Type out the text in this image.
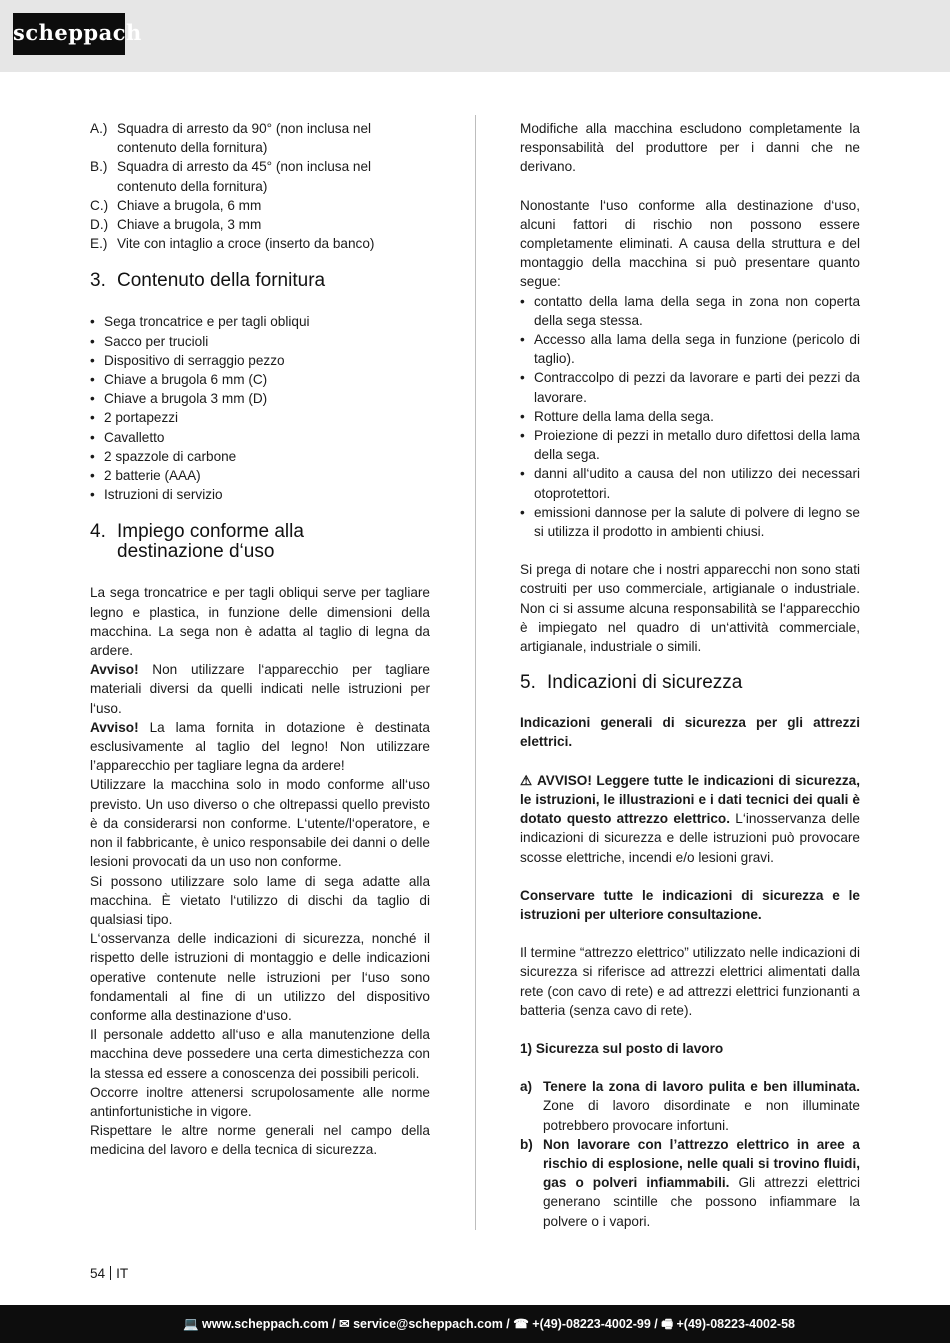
scheppach
A.) Squadra di arresto da 90° (non inclusa nel contenuto della fornitura)
B.) Squadra di arresto da 45° (non inclusa nel contenuto della fornitura)
C.) Chiave a brugola, 6 mm
D.) Chiave a brugola, 3 mm
E.) Vite con intaglio a croce (inserto da banco)
3. Contenuto della fornitura
• Sega troncatrice e per tagli obliqui
• Sacco per trucioli
• Dispositivo di serraggio pezzo
• Chiave a brugola 6 mm (C)
• Chiave a brugola 3 mm (D)
• 2 portapezzi
• Cavalletto
• 2 spazzole di carbone
• 2 batterie (AAA)
• Istruzioni di servizio
4. Impiego conforme alla
destinazione d‘uso

La sega troncatrice e per tagli obliqui serve per tagliare legno e plastica, in funzione delle dimensioni della macchina. La sega non è adatta al taglio di legna da ardere.

Avviso! Non utilizzare l‘apparecchio per tagliare materiali diversi da quelli indicati nelle istruzioni per l‘uso.

Avviso! La lama fornita in dotazione è destinata esclusivamente al taglio del legno! Non utilizzare l’apparecchio per tagliare legna da ardere!

Utilizzare la macchina solo in modo conforme all‘uso previsto. Un uso diverso o che oltrepassi quello previsto è da considerarsi non conforme. L‘utente/l‘operatore, e non il fabbricante, è unico responsabile dei danni o delle lesioni provocati da un uso non conforme.

Si possono utilizzare solo lame di sega adatte alla macchina. È vietato l‘utilizzo di dischi da taglio di qualsiasi tipo.

L‘osservanza delle indicazioni di sicurezza, nonché il rispetto delle istruzioni di montaggio e delle indicazioni operative contenute nelle istruzioni per l‘uso sono fondamentali al fine di un utilizzo del dispositivo conforme alla destinazione d‘uso.

Il personale addetto all‘uso e alla manutenzione della macchina deve possedere una certa dimestichezza con la stessa ed essere a conoscenza dei possibili pericoli.

Occorre inoltre attenersi scrupolosamente alle norme antinfortunistiche in vigore.

Rispettare le altre norme generali nel campo della medicina del lavoro e della tecnica di sicurezza.

Modifiche alla macchina escludono completamente la responsabilità del produttore per i danni che ne derivano.

Nonostante l‘uso conforme alla destinazione d‘uso, alcuni fattori di rischio non possono essere completamente eliminati. A causa della struttura e del montaggio della macchina si può presentare quanto segue:

• contatto della lama della sega in zona non coperta della sega stessa.
• Accesso alla lama della sega in funzione (pericolo di taglio).
• Contraccolpo di pezzi da lavorare e parti dei pezzi da lavorare.
• Rotture della lama della sega.
• Proiezione di pezzi in metallo duro difettosi della lama della sega.
• danni all‘udito a causa del non utilizzo dei necessari otoprotettori.
• emissioni dannose per la salute di polvere di legno se si utilizza il prodotto in ambienti chiusi.

Si prega di notare che i nostri apparecchi non sono stati costruiti per uso commerciale, artigianale o industriale. Non ci si assume alcuna responsabilità se l‘apparecchio è impiegato nel quadro di un‘attività commerciale, artigianale, industriale o simili.

5. Indicazioni di sicurezza

Indicazioni generali di sicurezza per gli attrezzi elettrici.

⚠ AVVISO! Leggere tutte le indicazioni di sicurezza, le istruzioni, le illustrazioni e i dati tecnici dei quali è dotato questo attrezzo elettrico. L‘inosservanza delle indicazioni di sicurezza e delle istruzioni può provocare scosse elettriche, incendi e/o lesioni gravi.

Conservare tutte le indicazioni di sicurezza e le istruzioni per ulteriore consultazione.

Il termine “attrezzo elettrico” utilizzato nelle indicazioni di sicurezza si riferisce ad attrezzi elettrici alimentati dalla rete (con cavo di rete) e ad attrezzi elettrici funzionanti a batteria (senza cavo di rete).

1) Sicurezza sul posto di lavoro

a) Tenere la zona di lavoro pulita e ben illuminata. Zone di lavoro disordinate e non illuminate potrebbero provocare infortuni.
b) Non lavorare con l’attrezzo elettrico in aree a rischio di esplosione, nelle quali si trovino fluidi, gas o polveri infiammabili. Gli attrezzi elettrici generano scintille che possono infiammare la polvere o i vapori.
54 IT
💻 www.scheppach.com / ✉ service@scheppach.com / ☎ +(49)-08223-4002-99 / 🖷 +(49)-08223-4002-58
